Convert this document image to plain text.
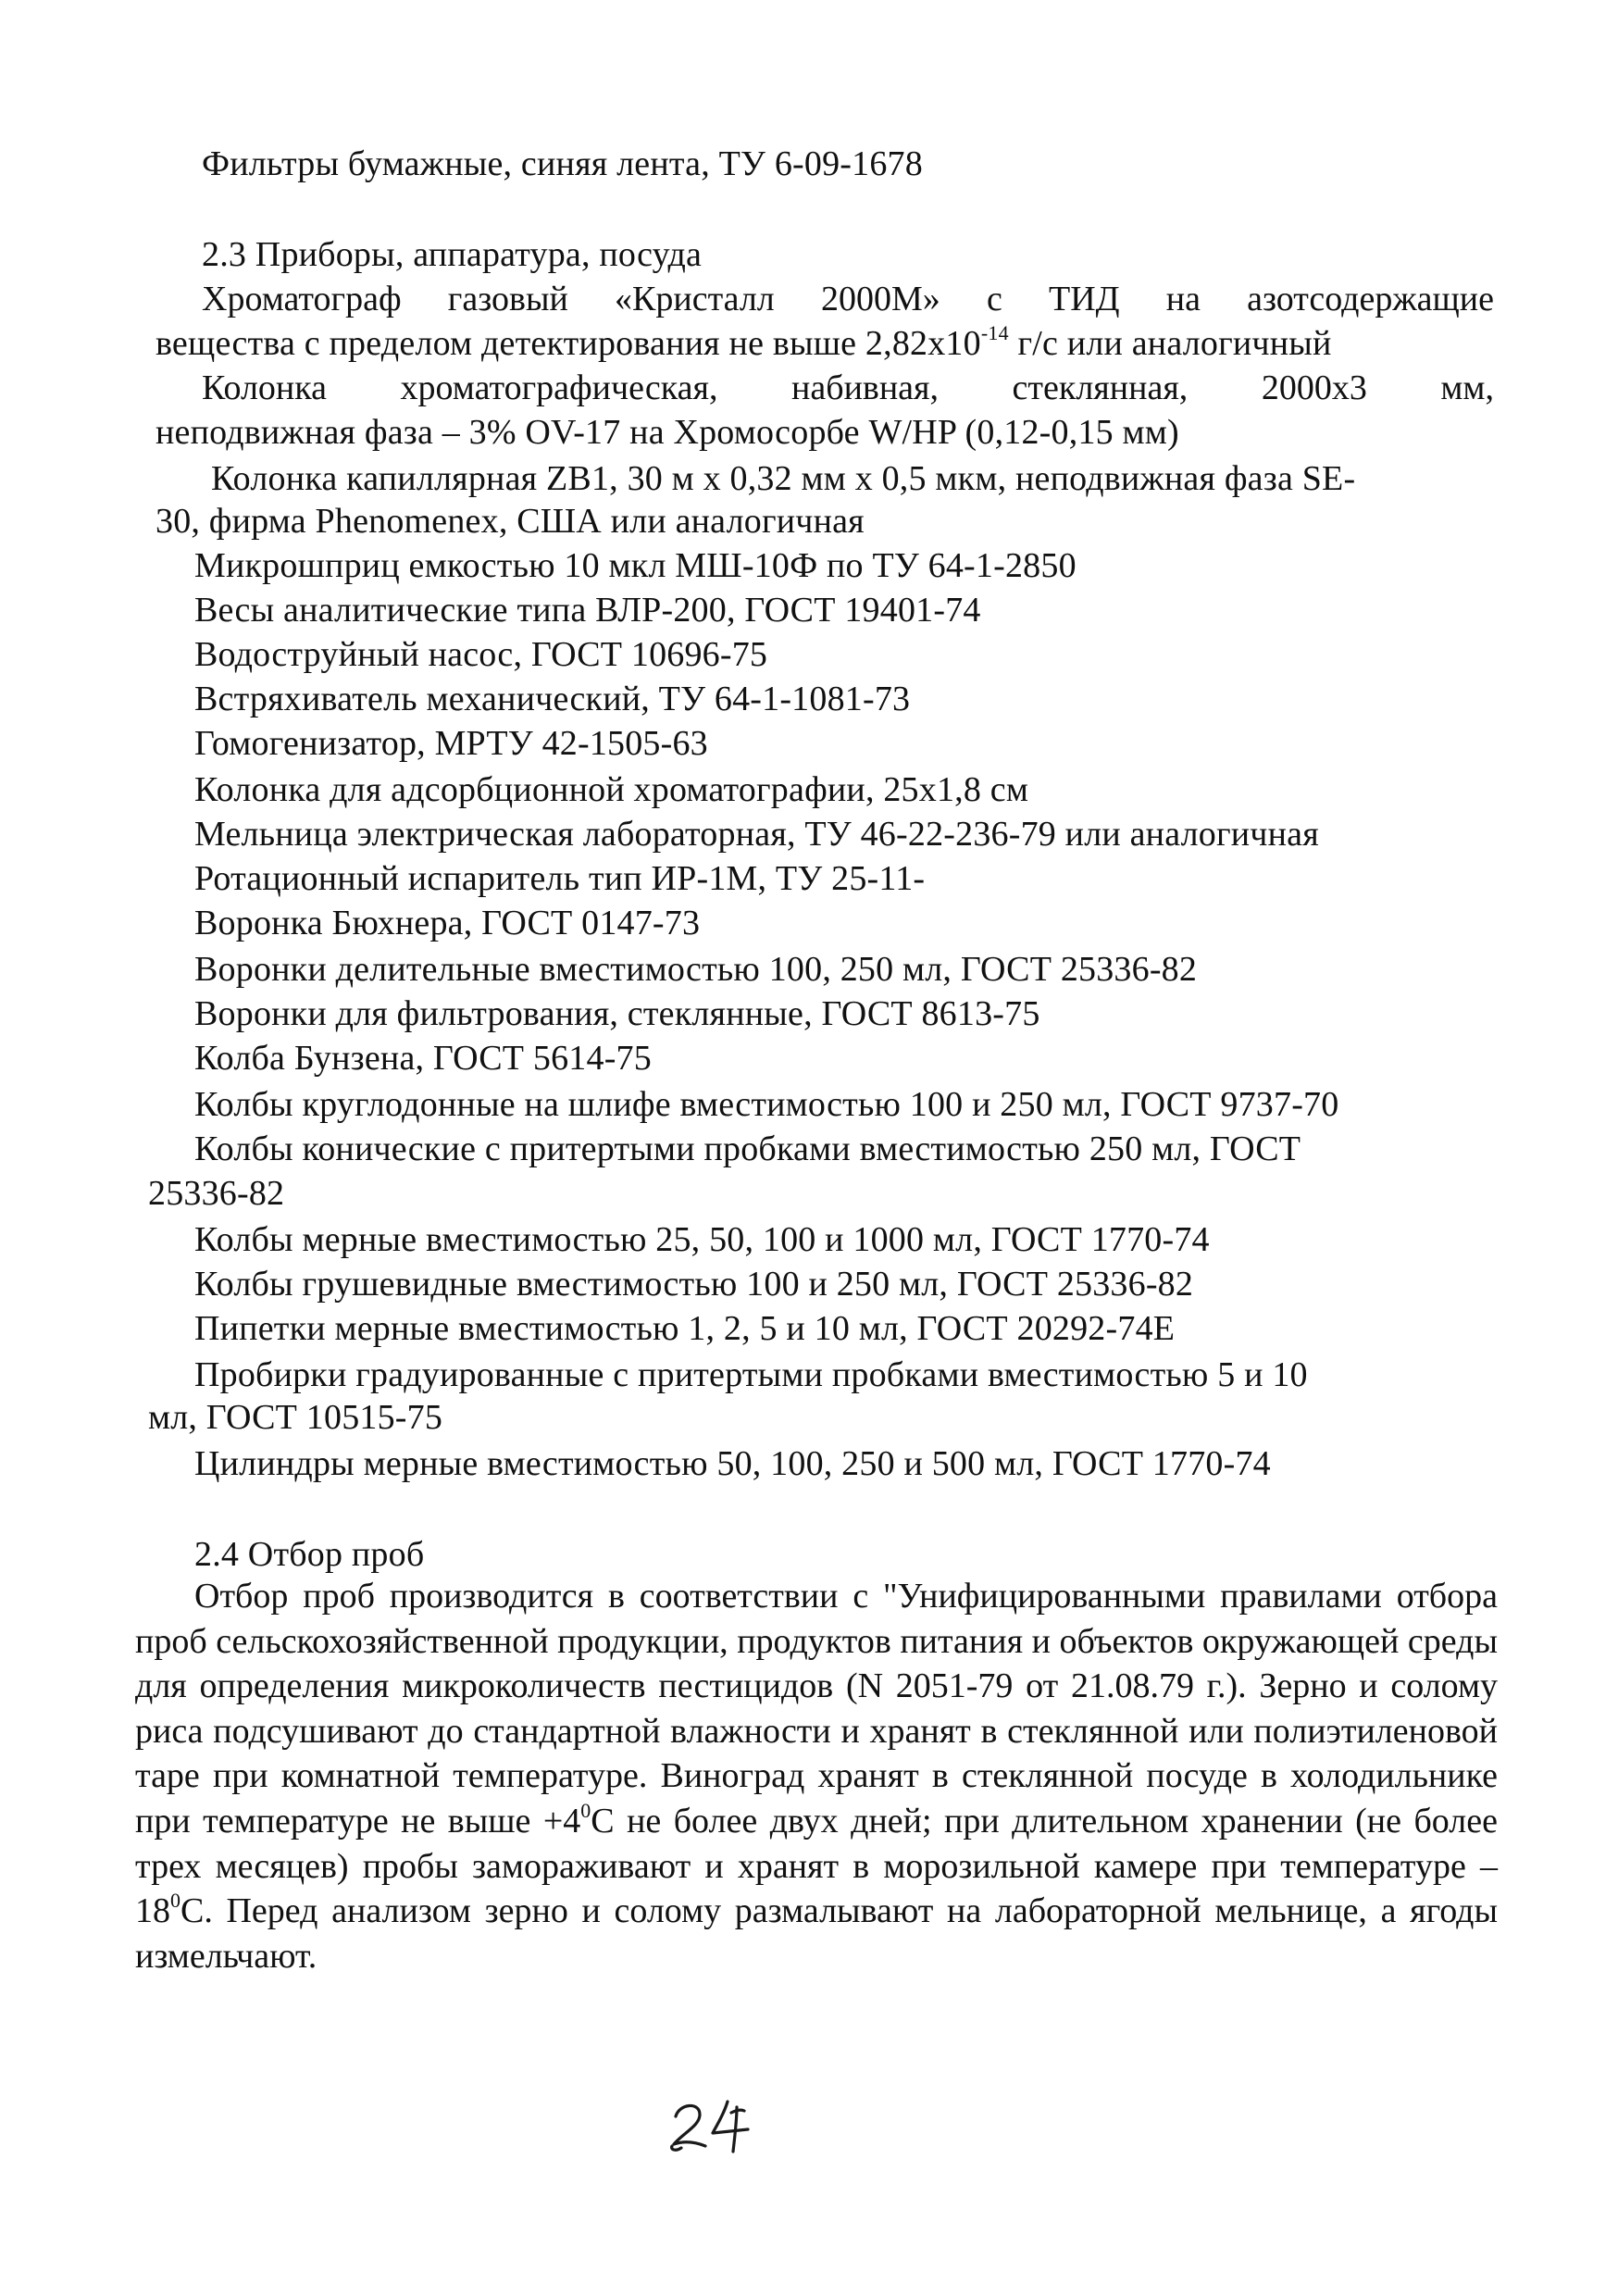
Фильтры бумажные, синяя лента, ТУ 6-09-1678
2.3 Приборы, аппаратура, посуда
Хроматограф газовый «Кристалл 2000М» с ТИД на азотсодержащие
вещества с пределом детектирования не выше $2,82х10^{-14}$ г/с или аналогичный
Колонка хроматографическая, набивная, стеклянная, 2000х3 мм,
неподвижная фаза – 3% OV-17 на Хромосорбе W/HP (0,12-0,15 мм)
Колонка капиллярная ZB1, 30 м х 0,32 мм х 0,5 мкм, неподвижная фаза SE-
30, фирма Phenomenex, США или аналогичная
Микрошприц емкостью 10 мкл МШ-10Ф по ТУ 64-1-2850
Весы аналитические типа ВЛР-200, ГОСТ 19401-74
Водоструйный насос, ГОСТ 10696-75
Встряхиватель механический, ТУ 64-1-1081-73
Гомогенизатор, МРТУ 42-1505-63
Колонка для адсорбционной хроматографии, 25х1,8 см
Мельница электрическая лабораторная, ТУ 46-22-236-79 или аналогичная
Ротационный испаритель тип ИР-1М, ТУ 25-11-
Воронка Бюхнера, ГОСТ 0147-73
Воронки делительные вместимостью 100, 250 мл, ГОСТ 25336-82
Воронки для фильтрования, стеклянные, ГОСТ 8613-75
Колба Бунзена, ГОСТ 5614-75
Колбы круглодонные на шлифе вместимостью 100 и 250 мл, ГОСТ 9737-70
Колбы конические с притертыми пробками вместимостью 250 мл, ГОСТ
25336-82
Колбы мерные вместимостью 25, 50, 100 и 1000 мл, ГОСТ 1770-74
Колбы грушевидные вместимостью 100 и 250 мл, ГОСТ 25336-82
Пипетки мерные вместимостью 1, 2, 5 и 10 мл, ГОСТ 20292-74Е
Пробирки градуированные с притертыми пробками вместимостью 5 и 10
мл, ГОСТ 10515-75
Цилиндры мерные вместимостью 50, 100, 250 и 500 мл, ГОСТ 1770-74
2.4 Отбор проб
Отбор проб производится в соответствии с "Унифицированными правилами отбора проб сельскохозяйственной продукции, продуктов питания и объектов окружающей среды для определения микроколичеств пестицидов (N 2051-79 от 21.08.79 г.). Зерно и солому риса подсушивают до стандартной влажности и хранят в стеклянной или полиэтиленовой таре при комнатной температуре. Виноград хранят в стеклянной посуде в холодильнике при температуре не выше $+4^0С$ не более двух дней; при длительном хранении (не более трех месяцев) пробы замораживают и хранят в морозильной камере при температуре $-18^0С$. Перед анализом зерно и солому размалывают на лабораторной мельнице, а ягоды измельчают.
